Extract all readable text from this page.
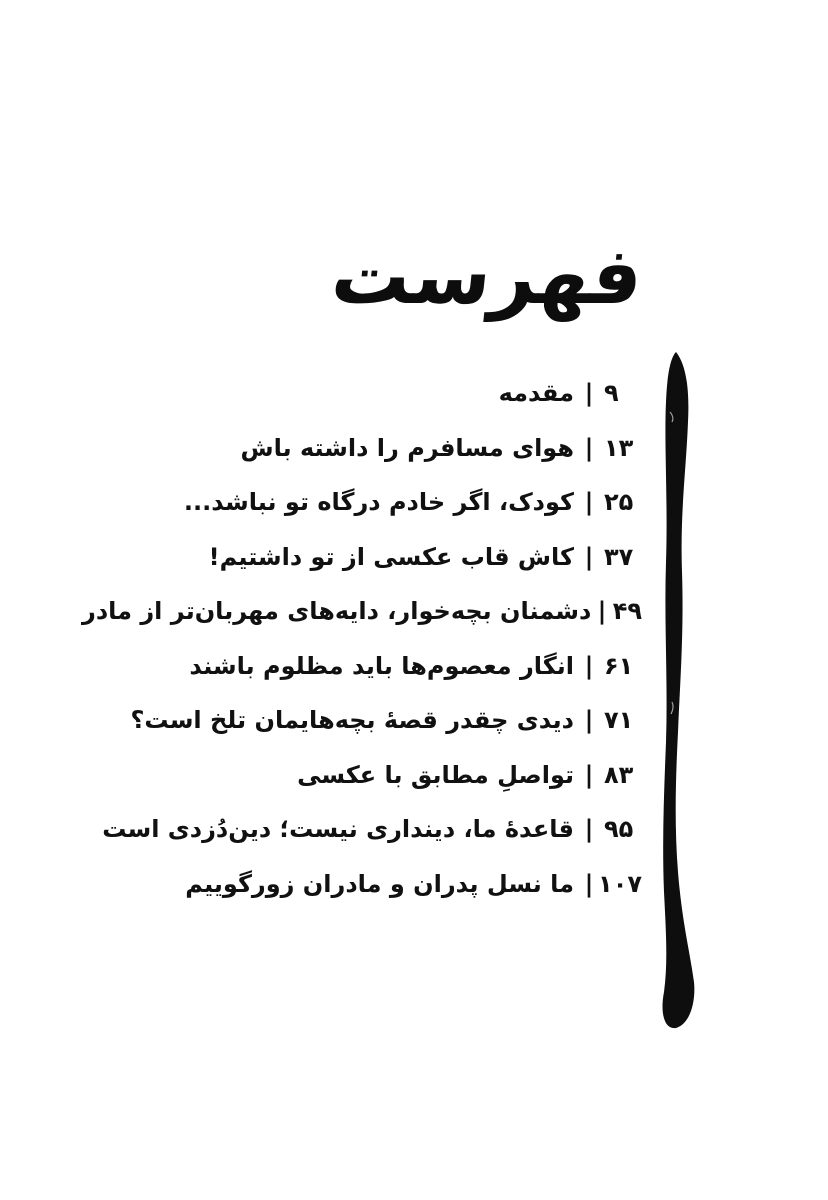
فهرست
۹
|
مقدمه
۱۳
|
هوای مسافرم را داشته باش
۲۵
|
کودک، اگر خادم درگاه تو نباشد...
۳۷
|
کاش قاب عکسی از تو داشتیم!
۴۹
|
دشمنان بچه‌خوار، دایه‌های مهربان‌تر از مادر
۶۱
|
انگار معصوم‌ها باید مظلوم باشند
۷۱
|
دیدی چقدر قصهٔ بچه‌هایمان تلخ است؟
۸۳
|
تواصلِ مطابق با عکسی
۹۵
|
قاعدهٔ ما، دینداری نیست؛ دین‌دُزدی است
۱۰۷
|
ما نسل پدران و مادران زورگوییم
